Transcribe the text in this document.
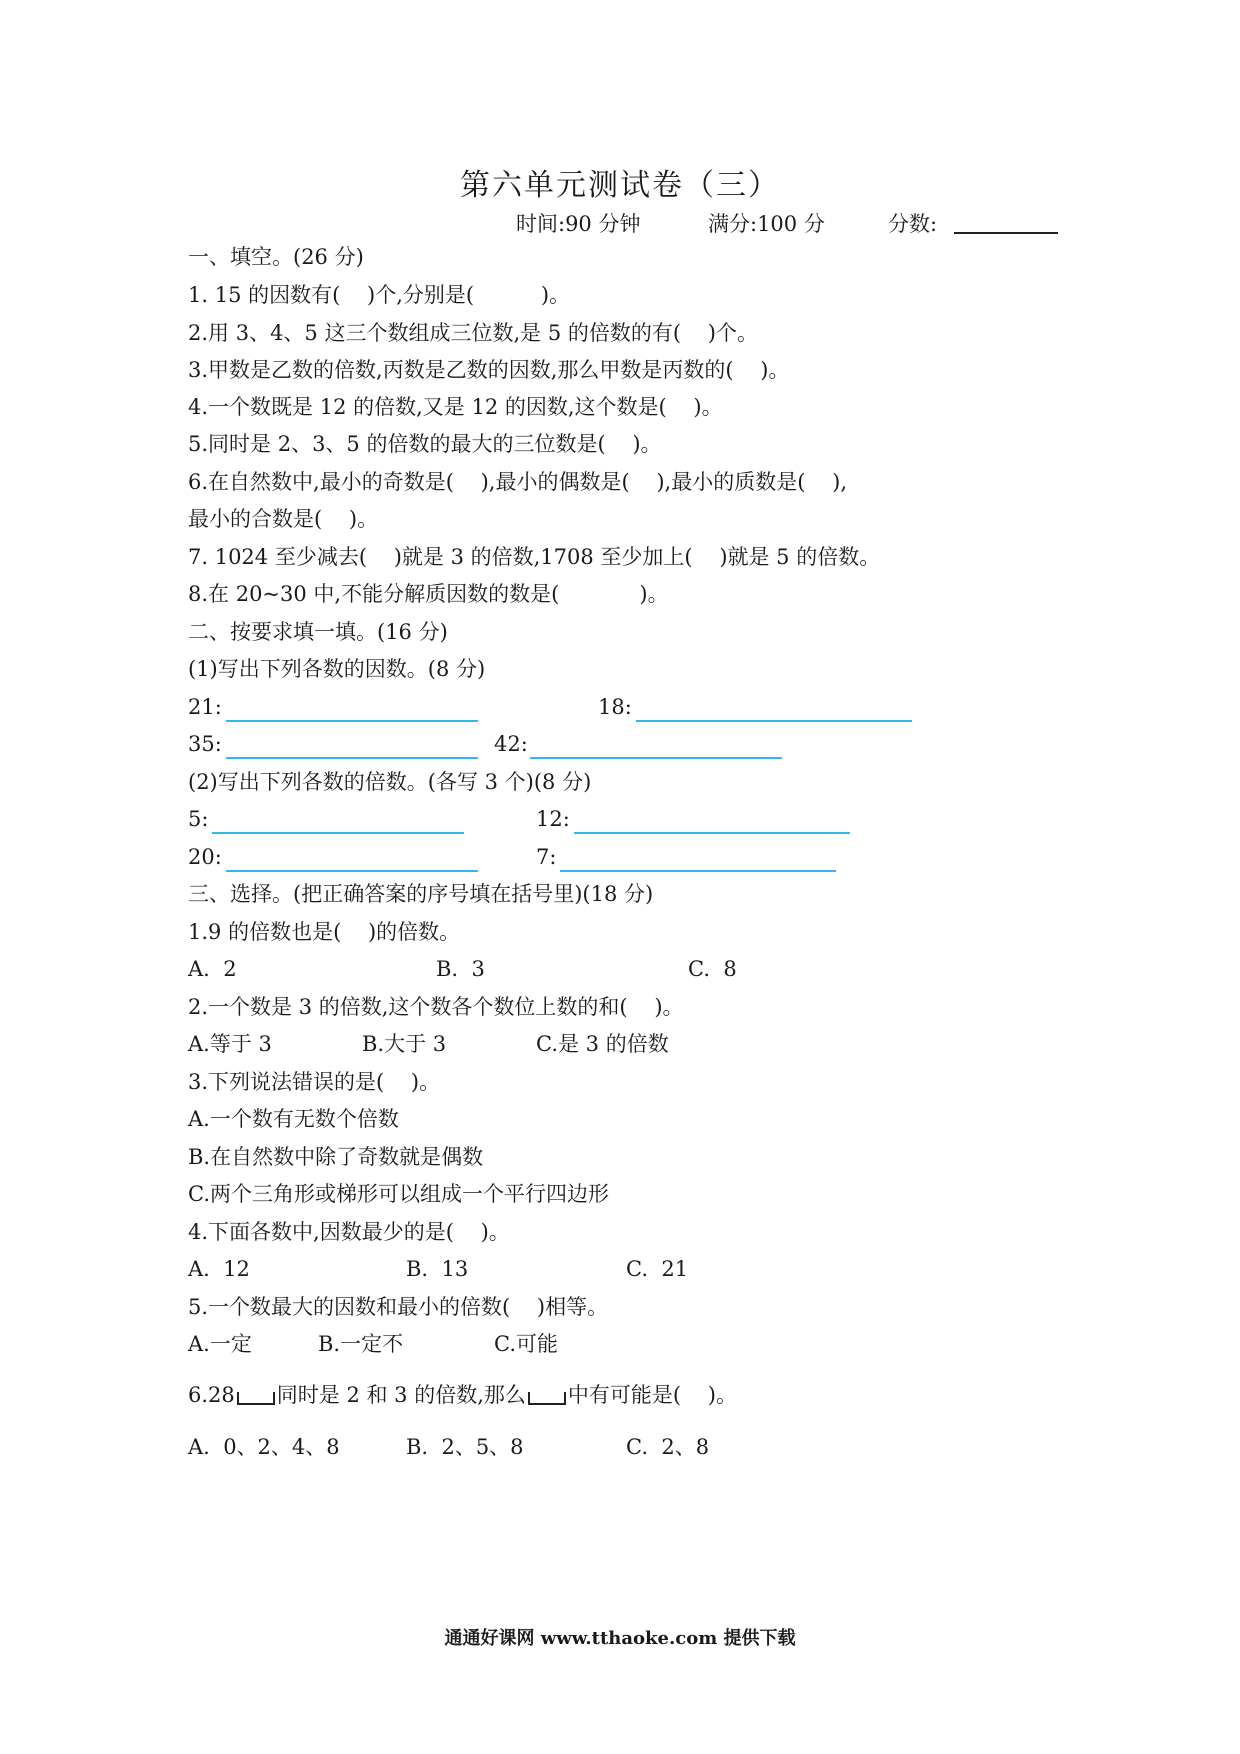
第六单元测试卷（三）
时间:90 分钟	满分:100 分	分数:
一、填空。(26 分)
1. 15 的因数有(    )个,分别是(          )。
2.用 3、4、5 这三个数组成三位数,是 5 的倍数的有(    )个。
3.甲数是乙数的倍数,丙数是乙数的因数,那么甲数是丙数的(    )。
4.一个数既是 12 的倍数,又是 12 的因数,这个数是(    )。
5.同时是 2、3、5 的倍数的最大的三位数是(    )。
6.在自然数中,最小的奇数是(    ),最小的偶数是(    ),最小的质数是(    ),
最小的合数是(    )。
7. 1024 至少减去(    )就是 3 的倍数,1708 至少加上(    )就是 5 的倍数。
8.在 20~30 中,不能分解质因数的数是(            )。
二、按要求填一填。(16 分)
(1)写出下列各数的因数。(8 分)
21:	18:
35:	42:
(2)写出下列各数的倍数。(各写 3 个)(8 分)
5:	12:
20:	7:
三、选择。(把正确答案的序号填在括号里)(18 分)
1.9 的倍数也是(    )的倍数。
A.  2	B.  3	C.  8
2.一个数是 3 的倍数,这个数各个数位上数的和(    )。
A.等于 3	B.大于 3	C.是 3 的倍数
3.下列说法错误的是(    )。
A.一个数有无数个倍数
B.在自然数中除了奇数就是偶数
C.两个三角形或梯形可以组成一个平行四边形
4.下面各数中,因数最少的是(    )。
A.  12	B.  13	C.  21
5.一个数最大的因数和最小的倍数(    )相等。
A.一定	B.一定不	C.可能
6.28 同时是 2 和 3 的倍数,那么 中有可能是(    )。
A.  0、2、4、8	B.  2、5、8	C.  2、8
通通好课网 www.tthaoke.com 提供下载
